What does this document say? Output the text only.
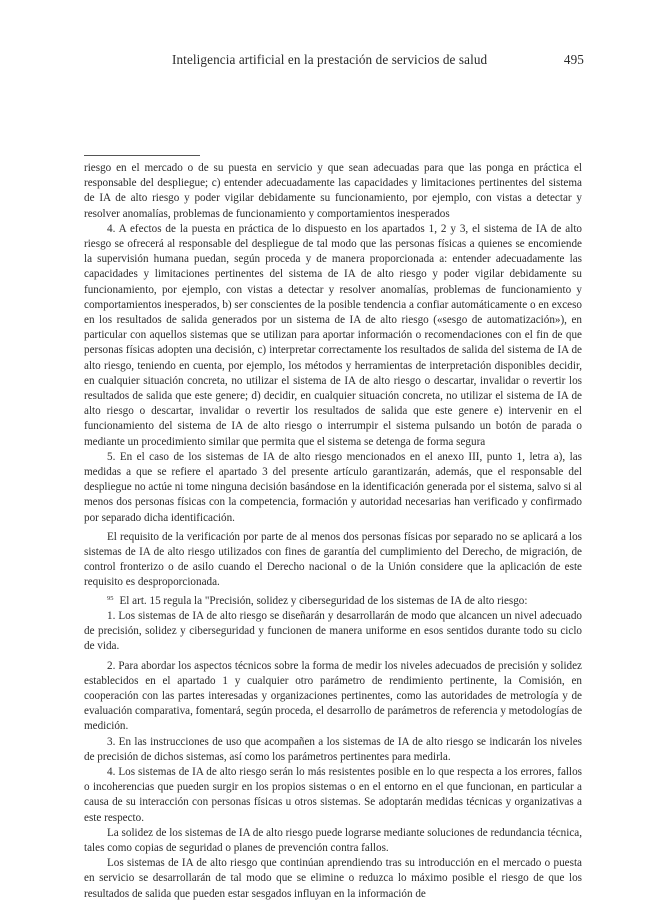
Inteligencia artificial en la prestación de servicios de salud	495

riesgo en el mercado o de su puesta en servicio y que sean adecuadas para que las ponga en práctica el responsable del despliegue; c) entender adecuadamente las capacidades y limitaciones pertinentes del sistema de IA de alto riesgo y poder vigilar debidamente su funcionamiento, por ejemplo, con vistas a detectar y resolver anomalías, problemas de funcionamiento y comportamientos inesperados

4. A efectos de la puesta en práctica de lo dispuesto en los apartados 1, 2 y 3, el sistema de IA de alto riesgo se ofrecerá al responsable del despliegue de tal modo que las personas físicas a quienes se encomiende la supervisión humana puedan, según proceda y de manera proporcionada a: entender adecuadamente las capacidades y limitaciones pertinentes del sistema de IA de alto riesgo y poder vigilar debidamente su funcionamiento, por ejemplo, con vistas a detectar y resolver anomalías, problemas de funcionamiento y comportamientos inesperados, b) ser conscientes de la posible tendencia a confiar automáticamente o en exceso en los resultados de salida generados por un sistema de IA de alto riesgo («sesgo de automatización»), en particular con aquellos sistemas que se utilizan para aportar información o recomendaciones con el fin de que personas físicas adopten una decisión, c) interpretar correctamente los resultados de salida del sistema de IA de alto riesgo, teniendo en cuenta, por ejemplo, los métodos y herramientas de interpretación disponibles decidir, en cualquier situación concreta, no utilizar el sistema de IA de alto riesgo o descartar, invalidar o revertir los resultados de salida que este genere; d) decidir, en cualquier situación concreta, no utilizar el sistema de IA de alto riesgo o descartar, invalidar o revertir los resultados de salida que este genere e) intervenir en el funcionamiento del sistema de IA de alto riesgo o interrumpir el sistema pulsando un botón de parada o mediante un procedimiento similar que permita que el sistema se detenga de forma segura

5. En el caso de los sistemas de IA de alto riesgo mencionados en el anexo III, punto 1, letra a), las medidas a que se refiere el apartado 3 del presente artículo garantizarán, además, que el responsable del despliegue no actúe ni tome ninguna decisión basándose en la identificación generada por el sistema, salvo si al menos dos personas físicas con la competencia, formación y autoridad necesarias han verificado y confirmado por separado dicha identificación.

El requisito de la verificación por parte de al menos dos personas físicas por separado no se aplicará a los sistemas de IA de alto riesgo utilizados con fines de garantía del cumplimiento del Derecho, de migración, de control fronterizo o de asilo cuando el Derecho nacional o de la Unión considere que la aplicación de este requisito es desproporcionada.

$^{95}$ El art. 15 regula la "Precisión, solidez y ciberseguridad de los sistemas de IA de alto riesgo:

1. Los sistemas de IA de alto riesgo se diseñarán y desarrollarán de modo que alcancen un nivel adecuado de precisión, solidez y ciberseguridad y funcionen de manera uniforme en esos sentidos durante todo su ciclo de vida.

2. Para abordar los aspectos técnicos sobre la forma de medir los niveles adecuados de precisión y solidez establecidos en el apartado 1 y cualquier otro parámetro de rendimiento pertinente, la Comisión, en cooperación con las partes interesadas y organizaciones pertinentes, como las autoridades de metrología y de evaluación comparativa, fomentará, según proceda, el desarrollo de parámetros de referencia y metodologías de medición.

3. En las instrucciones de uso que acompañen a los sistemas de IA de alto riesgo se indicarán los niveles de precisión de dichos sistemas, así como los parámetros pertinentes para medirla.

4. Los sistemas de IA de alto riesgo serán lo más resistentes posible en lo que respecta a los errores, fallos o incoherencias que pueden surgir en los propios sistemas o en el entorno en el que funcionan, en particular a causa de su interacción con personas físicas u otros sistemas. Se adoptarán medidas técnicas y organizativas a este respecto.

La solidez de los sistemas de IA de alto riesgo puede lograrse mediante soluciones de redundancia técnica, tales como copias de seguridad o planes de prevención contra fallos.

Los sistemas de IA de alto riesgo que continúan aprendiendo tras su introducción en el mercado o puesta en servicio se desarrollarán de tal modo que se elimine o reduzca lo máximo posible el riesgo de que los resultados de salida que pueden estar sesgados influyan en la información de
